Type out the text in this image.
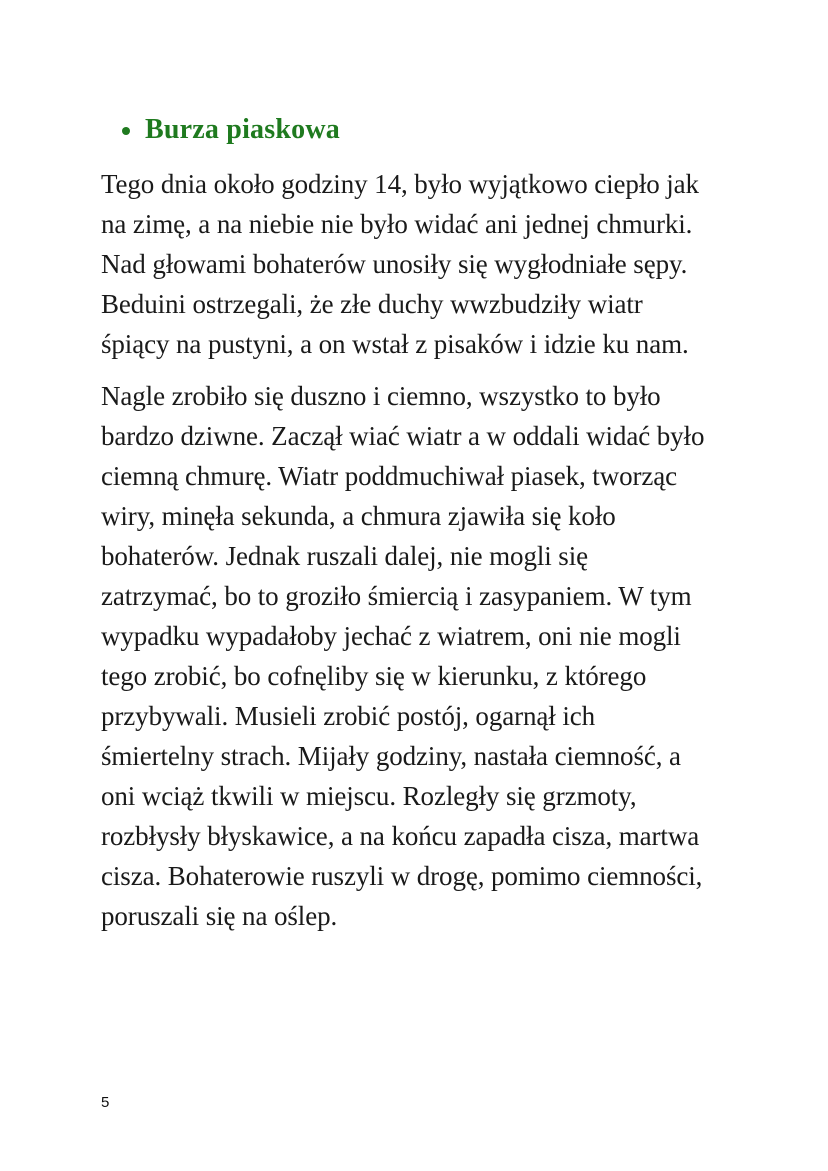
Burza piaskowa

Tego dnia około godziny 14, było wyjątkowo ciepło jak
na zimę, a na niebie nie było widać ani jednej chmurki.
Nad głowami bohaterów unosiły się wygłodniałe sępy.
Beduini ostrzegali, że złe duchy wwzbudziły wiatr
śpiący na pustyni, a on wstał z pisaków i idzie ku nam.

Nagle zrobiło się duszno i ciemno, wszystko to było
bardzo dziwne. Zaczął wiać wiatr a w oddali widać było
ciemną chmurę. Wiatr poddmuchiwał piasek, tworząc
wiry, minęła sekunda, a chmura zjawiła się koło
bohaterów. Jednak ruszali dalej, nie mogli się
zatrzymać, bo to groziło śmiercią i zasypaniem. W tym
wypadku wypadałoby jechać z wiatrem, oni nie mogli
tego zrobić, bo cofnęliby się w kierunku, z którego
przybywali. Musieli zrobić postój, ogarnął ich
śmiertelny strach. Mijały godziny, nastała ciemność, a
oni wciąż tkwili w miejscu. Rozległy się grzmoty,
rozbłysły błyskawice, a na końcu zapadła cisza, martwa
cisza. Bohaterowie ruszyli w drogę, pomimo ciemności,
poruszali się na oślep.

5
